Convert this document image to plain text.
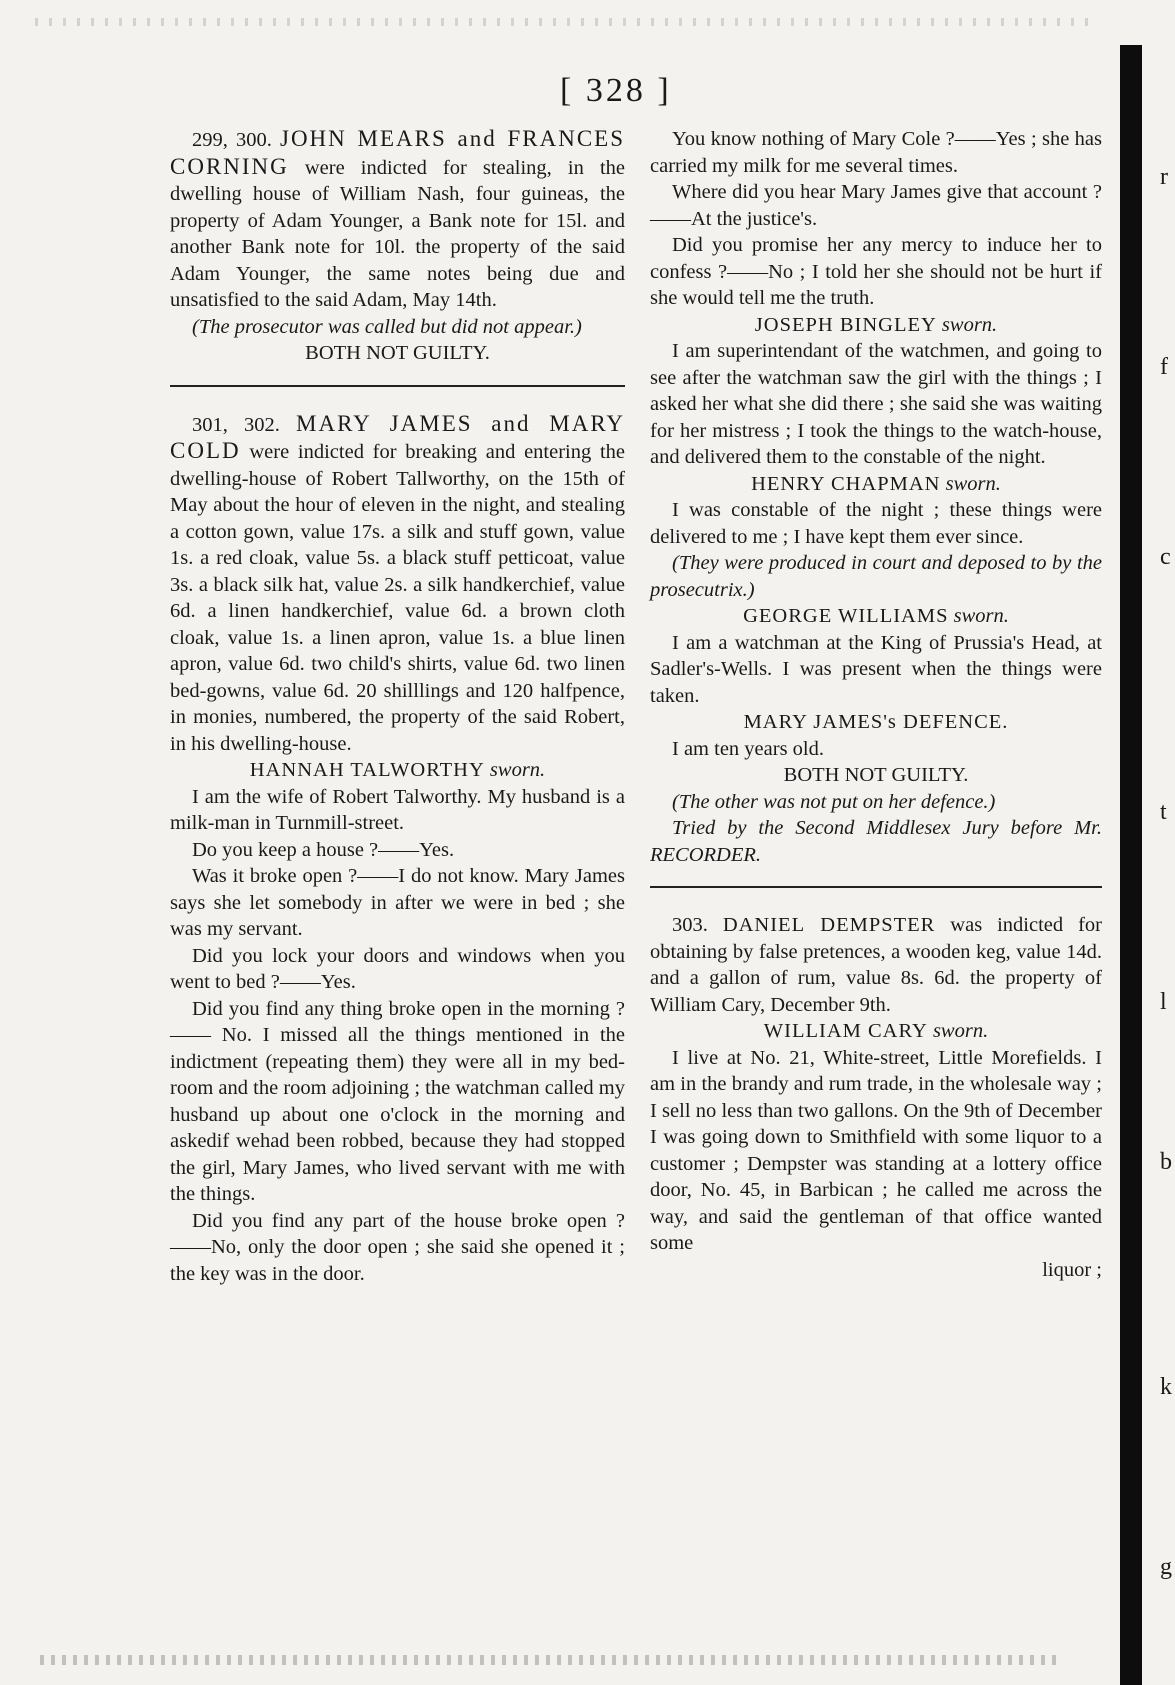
r
f
c
t
l
b
k
g
[ 328 ]

299, 300. JOHN MEARS and FRANCES CORNING were indicted for stealing, in the dwelling house of William Nash, four guineas, the property of Adam Younger, a Bank note for 15l. and another Bank note for 10l. the property of the said Adam Younger, the same notes being due and unsatisfied to the said Adam, May 14th.

(The prosecutor was called but did not appear.)

BOTH NOT GUILTY.

301, 302. MARY JAMES and MARY COLD were indicted for breaking and entering the dwelling-house of Robert Tallworthy, on the 15th of May about the hour of eleven in the night, and stealing a cotton gown, value 17s. a silk and stuff gown, value 1s. a red cloak, value 5s. a black stuff petticoat, value 3s. a black silk hat, value 2s. a silk handkerchief, value 6d. a linen handkerchief, value 6d. a brown cloth cloak, value 1s. a linen apron, value 1s. a blue linen apron, value 6d. two child's shirts, value 6d. two linen bed-gowns, value 6d. 20 shilllings and 120 halfpence, in monies, numbered, the property of the said Robert, in his dwelling-house.

HANNAH TALWORTHY sworn.

I am the wife of Robert Talworthy. My husband is a milk-man in Turnmill-street.

Do you keep a house ?——Yes.

Was it broke open ?——I do not know. Mary James says she let somebody in after we were in bed ; she was my servant.

Did you lock your doors and windows when you went to bed ?——Yes.

Did you find any thing broke open in the morning ? —— No. I missed all the things mentioned in the indictment (repeating them) they were all in my bed-room and the room adjoining ; the watchman called my husband up about one o'clock in the morning and askedif wehad been robbed, because they had stopped the girl, Mary James, who lived servant with me with the things.

Did you find any part of the house broke open ?——No, only the door open ; she said she opened it ; the key was in the door.

You know nothing of Mary Cole ?——Yes ; she has carried my milk for me several times.

Where did you hear Mary James give that account ?——At the justice's.

Did you promise her any mercy to induce her to confess ?——No ; I told her she should not be hurt if she would tell me the truth.

JOSEPH BINGLEY sworn.

I am superintendant of the watchmen, and going to see after the watchman saw the girl with the things ; I asked her what she did there ; she said she was waiting for her mistress ; I took the things to the watch-house, and delivered them to the constable of the night.

HENRY CHAPMAN sworn.

I was constable of the night ; these things were delivered to me ; I have kept them ever since.

(They were produced in court and deposed to by the prosecutrix.)

GEORGE WILLIAMS sworn.

I am a watchman at the King of Prussia's Head, at Sadler's-Wells. I was present when the things were taken.

MARY JAMES's DEFENCE.

I am ten years old.

BOTH NOT GUILTY.

(The other was not put on her defence.)

Tried by the Second Middlesex Jury before Mr. RECORDER.

303. DANIEL DEMPSTER was indicted for obtaining by false pretences, a wooden keg, value 14d. and a gallon of rum, value 8s. 6d. the property of William Cary, December 9th.

WILLIAM CARY sworn.

I live at No. 21, White-street, Little Morefields. I am in the brandy and rum trade, in the wholesale way ; I sell no less than two gallons. On the 9th of December I was going down to Smithfield with some liquor to a customer ; Dempster was standing at a lottery office door, No. 45, in Barbican ; he called me across the way, and said the gentleman of that office wanted some

liquor ;
